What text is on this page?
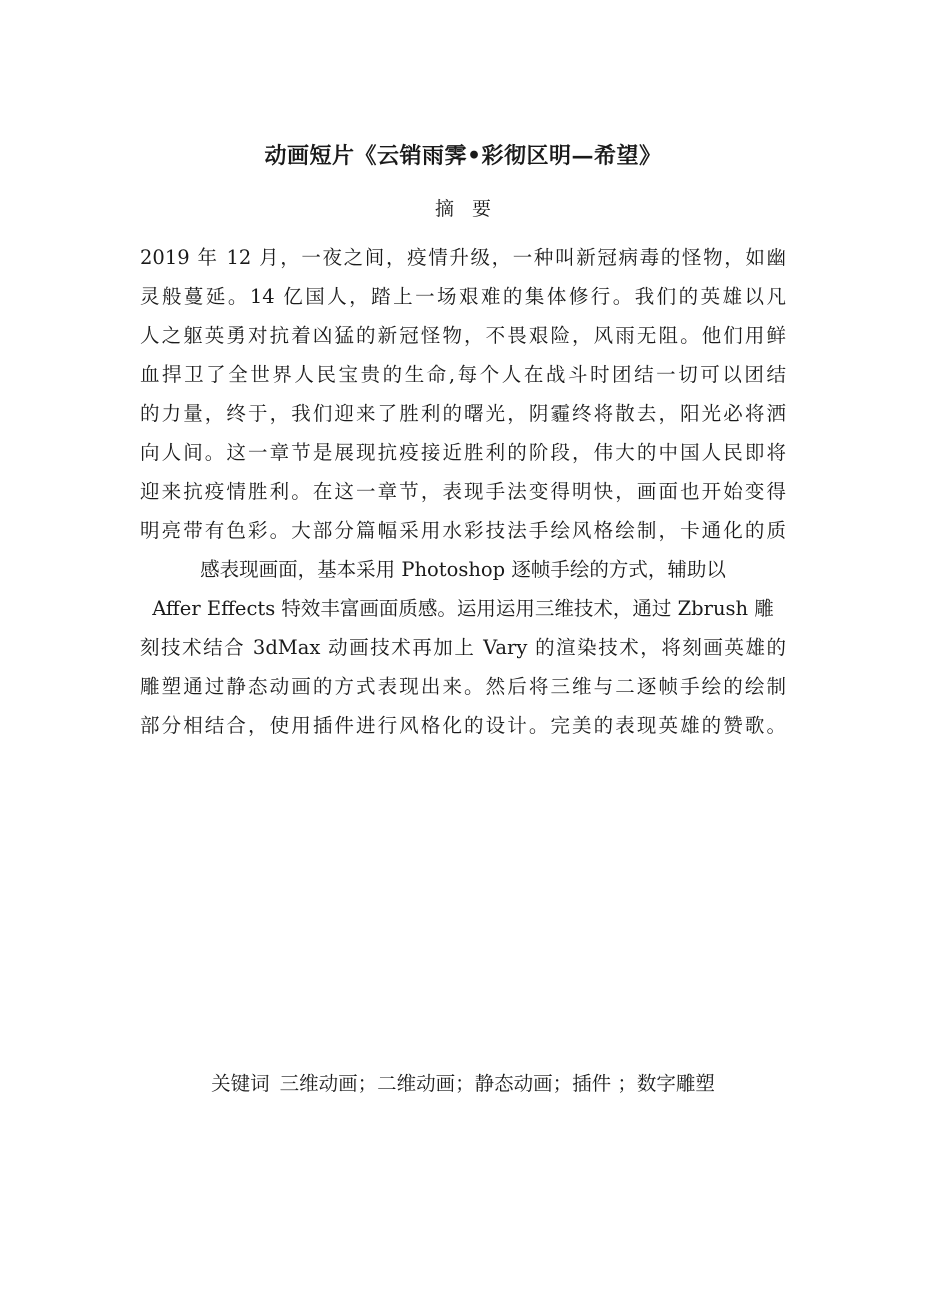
动画短片《云销雨霁•彩彻区明—希望》
摘要
2019 年 12 月，一夜之间，疫情升级，一种叫新冠病毒的怪物，如幽
灵般蔓延。14 亿国人，踏上一场艰难的集体修行。我们的英雄以凡
人之躯英勇对抗着凶猛的新冠怪物，不畏艰险，风雨无阻。他们用鲜
血捍卫了全世界人民宝贵的生命,每个人在战斗时团结一切可以团结
的力量，终于，我们迎来了胜利的曙光，阴霾终将散去，阳光必将洒
向人间。这一章节是展现抗疫接近胜利的阶段，伟大的中国人民即将
迎来抗疫情胜利。在这一章节，表现手法变得明快，画面也开始变得
明亮带有色彩。大部分篇幅采用水彩技法手绘风格绘制，卡通化的质
感表现画面，基本采用 Photoshop 逐帧手绘的方式，辅助以
Affer Effects 特效丰富画面质感。运用运用三维技术，通过 Zbrush 雕
刻技术结合 3dMax 动画技术再加上 Vary 的渲染技术，将刻画英雄的
雕塑通过静态动画的方式表现出来。然后将三维与二逐帧手绘的绘制
部分相结合，使用插件进行风格化的设计。完美的表现英雄的赞歌。
关键词 三维动画；二维动画；静态动画；插件 ；数字雕塑
